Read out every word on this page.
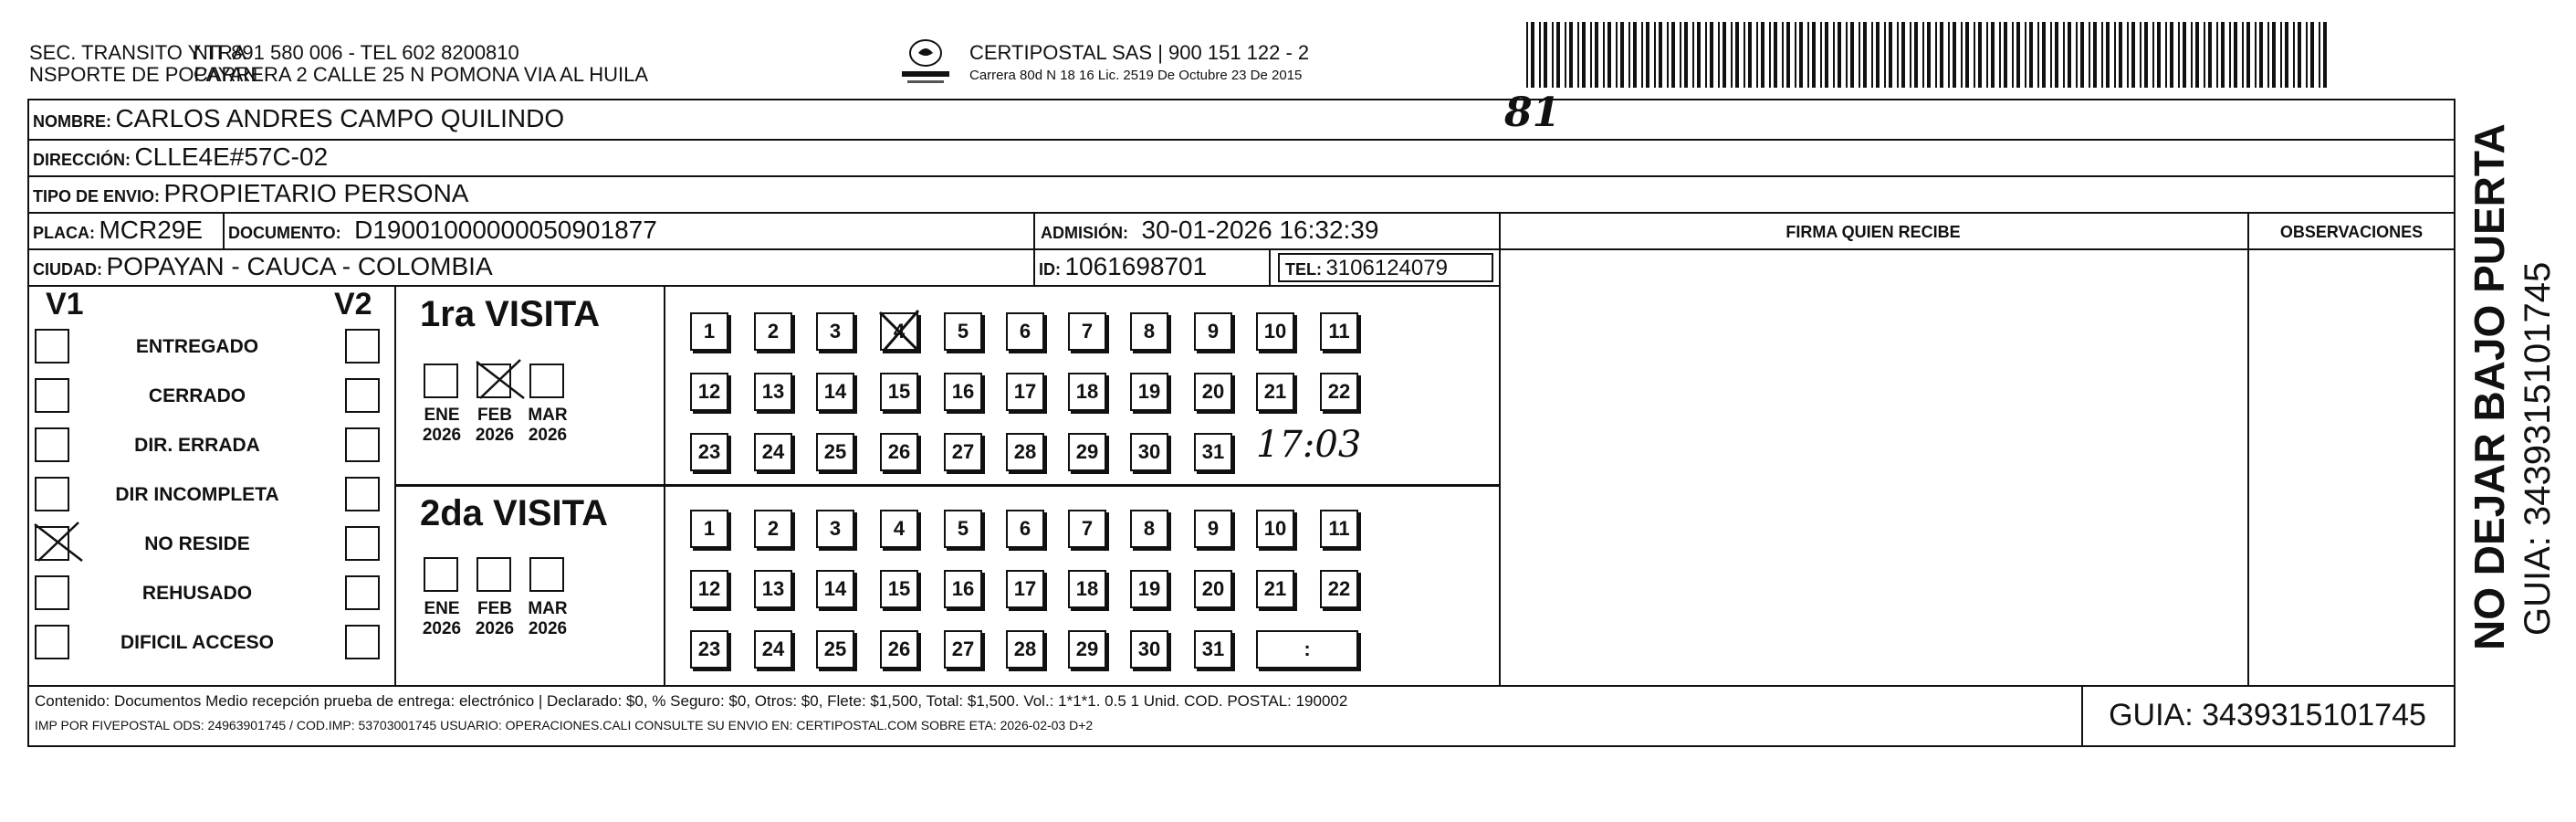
SEC. TRANSITO Y TRA
NSPORTE DE POPAYAN
NIT 891 580 006 - TEL 602 8200810
CARRERA 2 CALLE 25 N POMONA VIA AL HUILA
CERTIPOSTAL SAS | 900 151 122 - 2
Carrera 80d N 18 16 Lic. 2519 De Octubre 23 De 2015
81
NOMBRE: CARLOS ANDRES CAMPO QUILINDO
DIRECCIÓN: CLLE4E#57C-02
TIPO DE ENVIO: PROPIETARIO PERSONA
FIRMA QUIEN RECIBE	OBSERVACIONES
PLACA: MCR29E DOCUMENTO: D19001000000050901877	ADMISIÓN: 30-01-2026 16:32:39
CIUDAD: POPAYAN - CAUCA - COLOMBIA	ID: 1061698701	TEL: 3106124079
V1	V2
ENTREGADO
CERRADO
DIR. ERRADA
DIR INCOMPLETA
NO RESIDE
REHUSADO
DIFICIL ACCESO
1ra VISITA
ENE
2026
FEB
2026
MAR
2026
1	2	3	4	5	6	7	8	9	10	11
12	13	14	15	16	17	18	19	20	21	22
23	24	25	26	27	28	29	30	31 17:03
2da VISITA
ENE
2026
FEB
2026
MAR
2026
1	2	3	4	5	6	7	8	9	10	11
12	13	14	15	16	17	18	19	20	21	22
23	24	25	26	27	28	29	30	31	:
Contenido: Documentos Medio recepción prueba de entrega: electrónico | Declarado: $0, % Seguro: $0, Otros: $0, Flete: $1,500, Total: $1,500. Vol.: 1*1*1. 0.5 1 Unid. COD. POSTAL: 190002
IMP POR FIVEPOSTAL ODS: 24963901745 / COD.IMP: 53703001745 USUARIO: OPERACIONES.CALI CONSULTE SU ENVIO EN: CERTIPOSTAL.COM SOBRE ETA: 2026-02-03 D+2	GUIA: 3439315101745
NO DEJAR BAJO PUERTA GUIA: 3439315101745
